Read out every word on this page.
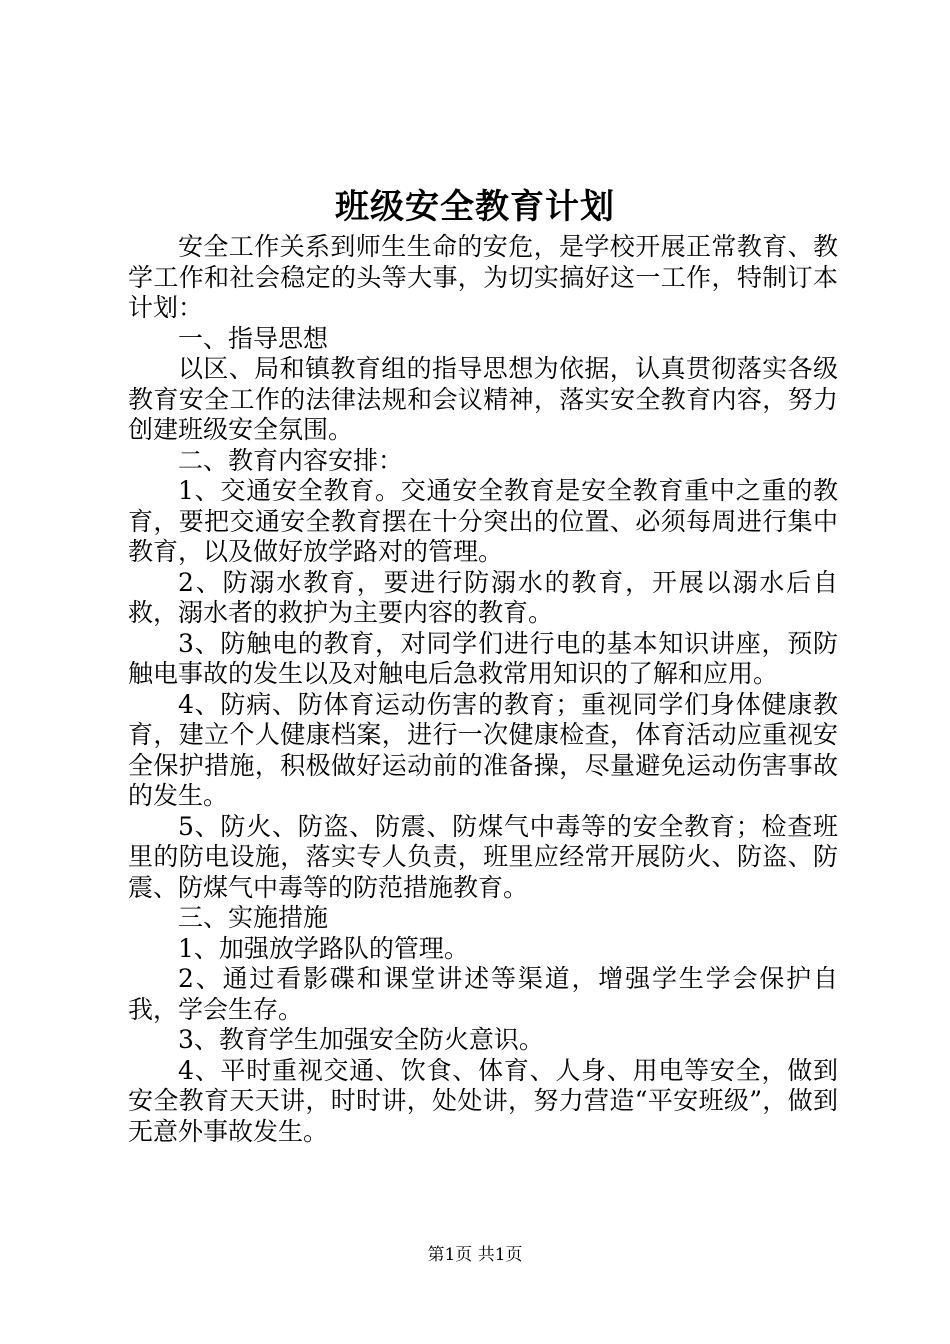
班级安全教育计划

安全工作关系到师生生命的安危，是学校开展正常教育、教学工作和社会稳定的头等大事，为切实搞好这一工作，特制订本计划：

一、指导思想

以区、局和镇教育组的指导思想为依据，认真贯彻落实各级教育安全工作的法律法规和会议精神，落实安全教育内容，努力创建班级安全氛围。

二、教育内容安排：

1、交通安全教育。交通安全教育是安全教育重中之重的教育，要把交通安全教育摆在十分突出的位置、必须每周进行集中教育，以及做好放学路对的管理。

2、防溺水教育，要进行防溺水的教育，开展以溺水后自救，溺水者的救护为主要内容的教育。

3、防触电的教育，对同学们进行电的基本知识讲座，预防触电事故的发生以及对触电后急救常用知识的了解和应用。

4、防病、防体育运动伤害的教育；重视同学们身体健康教育，建立个人健康档案，进行一次健康检查，体育活动应重视安全保护措施，积极做好运动前的准备操，尽量避免运动伤害事故的发生。

5、防火、防盗、防震、防煤气中毒等的安全教育；检查班里的防电设施，落实专人负责，班里应经常开展防火、防盗、防震、防煤气中毒等的防范措施教育。

三、实施措施

1、加强放学路队的管理。

2、通过看影碟和课堂讲述等渠道，增强学生学会保护自我，学会生存。

3、教育学生加强安全防火意识。

4、平时重视交通、饮食、体育、人身、用电等安全，做到安全教育天天讲，时时讲，处处讲，努力营造“平安班级”，做到无意外事故发生。

第1页 共1页
